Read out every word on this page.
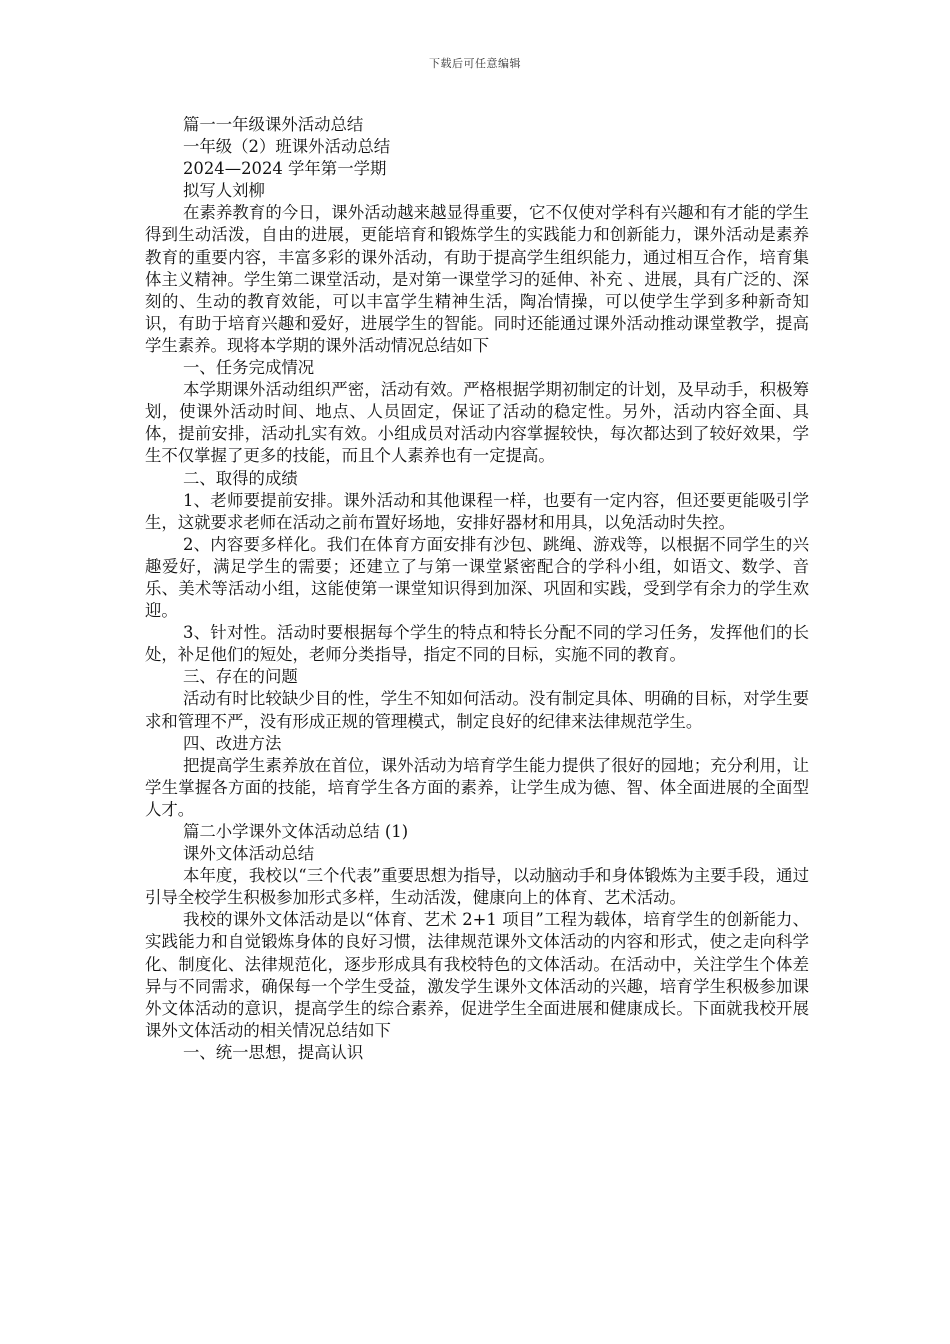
下载后可任意编辑

篇一一年级课外活动总结

一年级（2）班课外活动总结

2024—2024 学年第一学期

拟写人刘柳

在素养教育的今日，课外活动越来越显得重要，它不仅使对学科有兴趣和有才能的学生得到生动活泼，自由的进展，更能培育和锻炼学生的实践能力和创新能力，课外活动是素养教育的重要内容，丰富多彩的课外活动，有助于提高学生组织能力，通过相互合作，培育集体主义精神。学生第二课堂活动，是对第一课堂学习的延伸、补充 、进展，具有广泛的、深刻的、生动的教育效能，可以丰富学生精神生活，陶冶情操，可以使学生学到多种新奇知识，有助于培育兴趣和爱好，进展学生的智能。同时还能通过课外活动推动课堂教学，提高学生素养。现将本学期的课外活动情况总结如下

一、任务完成情况

本学期课外活动组织严密，活动有效。严格根据学期初制定的计划，及早动手，积极筹划，使课外活动时间、地点、人员固定，保证了活动的稳定性。另外，活动内容全面、具体，提前安排，活动扎实有效。小组成员对活动内容掌握较快，每次都达到了较好效果，学生不仅掌握了更多的技能，而且个人素养也有一定提高。

二、取得的成绩

1、老师要提前安排。课外活动和其他课程一样，也要有一定内容，但还要更能吸引学生，这就要求老师在活动之前布置好场地，安排好器材和用具，以免活动时失控。

2、内容要多样化。我们在体育方面安排有沙包、跳绳、游戏等，以根据不同学生的兴趣爱好，满足学生的需要；还建立了与第一课堂紧密配合的学科小组，如语文、数学、音乐、美术等活动小组，这能使第一课堂知识得到加深、巩固和实践，受到学有余力的学生欢迎。

3、针对性。活动时要根据每个学生的特点和特长分配不同的学习任务，发挥他们的长处，补足他们的短处，老师分类指导，指定不同的目标，实施不同的教育。

三、存在的问题

活动有时比较缺少目的性，学生不知如何活动。没有制定具体、明确的目标，对学生要求和管理不严，没有形成正规的管理模式，制定良好的纪律来法律规范学生。

四、改进方法

把提高学生素养放在首位，课外活动为培育学生能力提供了很好的园地；充分利用，让学生掌握各方面的技能，培育学生各方面的素养，让学生成为德、智、体全面进展的全面型人才。

篇二小学课外文体活动总结 (1)

课外文体活动总结

本年度，我校以“三个代表”重要思想为指导，以动脑动手和身体锻炼为主要手段，通过引导全校学生积极参加形式多样，生动活泼，健康向上的体育、艺术活动。

我校的课外文体活动是以“体育、艺术 2+1 项目”工程为载体，培育学生的创新能力、实践能力和自觉锻炼身体的良好习惯，法律规范课外文体活动的内容和形式，使之走向科学化、制度化、法律规范化，逐步形成具有我校特色的文体活动。在活动中，关注学生个体差异与不同需求，确保每一个学生受益，激发学生课外文体活动的兴趣，培育学生积极参加课外文体活动的意识，提高学生的综合素养，促进学生全面进展和健康成长。下面就我校开展课外文体活动的相关情况总结如下

一、统一思想，提高认识
